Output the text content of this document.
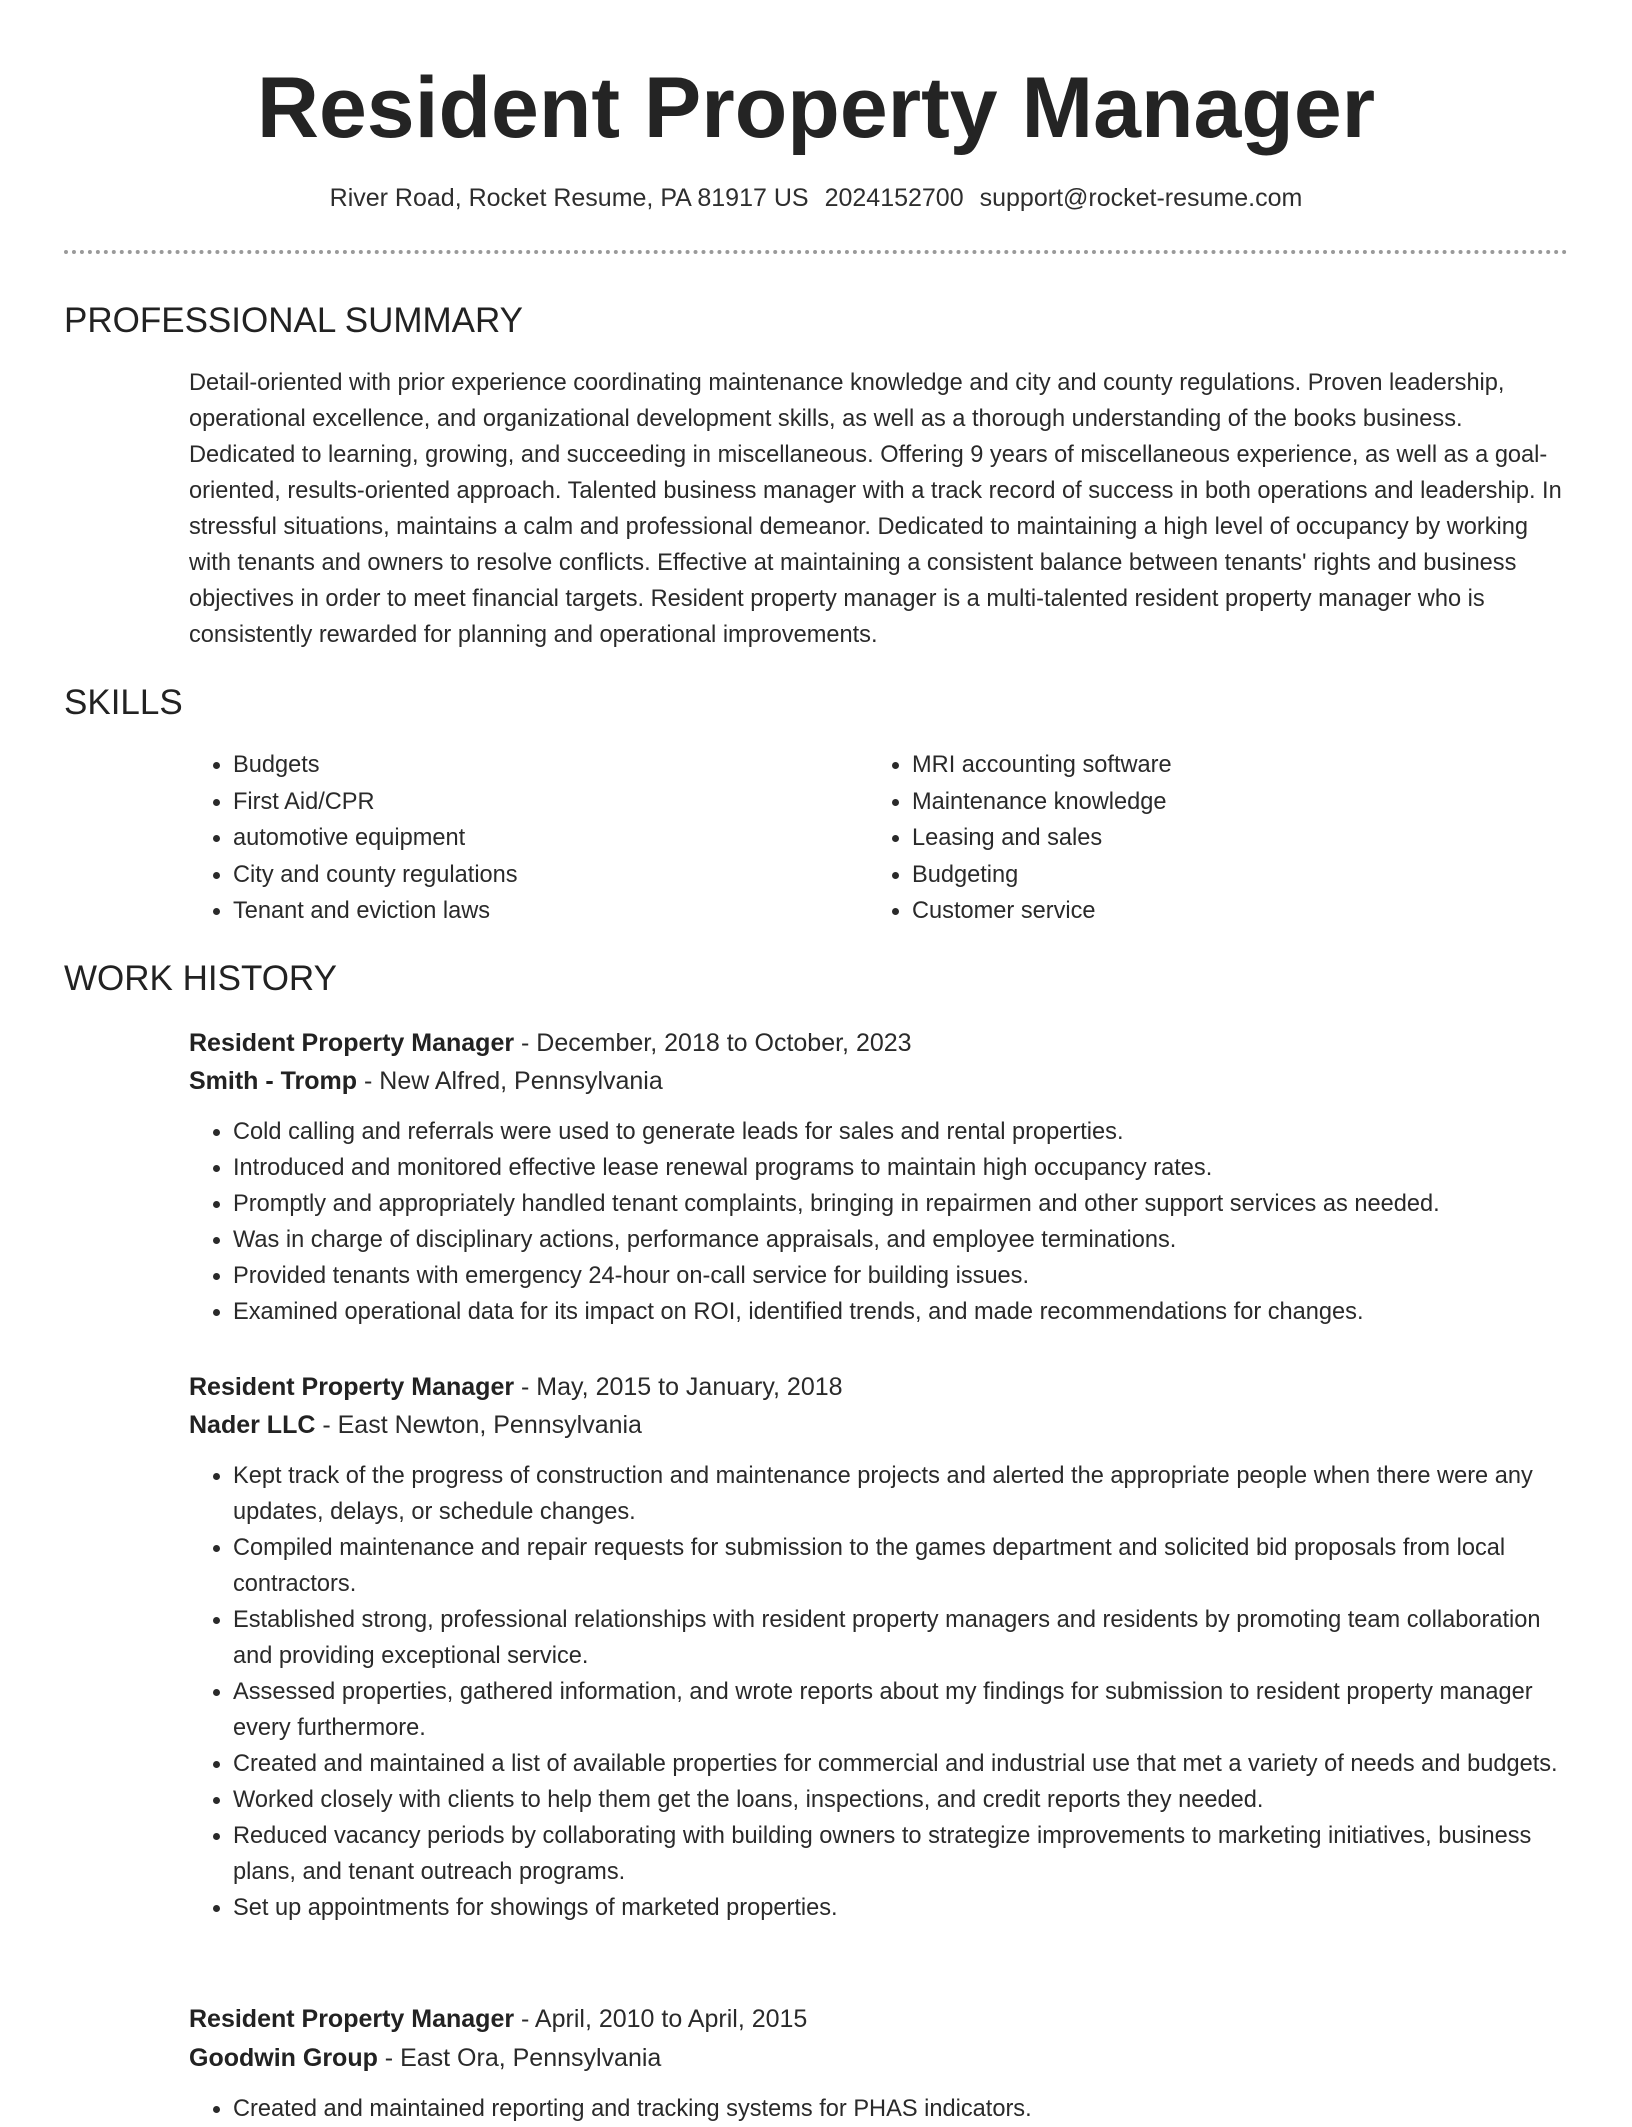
Resident Property Manager
River Road, Rocket Resume, PA 81917 US 2024152700 support@rocket-resume.com
PROFESSIONAL SUMMARY

Detail-oriented with prior experience coordinating maintenance knowledge and city and county regulations. Proven leadership, operational excellence, and organizational development skills, as well as a thorough understanding of the books business. Dedicated to learning, growing, and succeeding in miscellaneous. Offering 9 years of miscellaneous experience, as well as a goal-oriented, results-oriented approach. Talented business manager with a track record of success in both operations and leadership. In stressful situations, maintains a calm and professional demeanor. Dedicated to maintaining a high level of occupancy by working with tenants and owners to resolve conflicts. Effective at maintaining a consistent balance between tenants' rights and business objectives in order to meet financial targets. Resident property manager is a multi-talented resident property manager who is consistently rewarded for planning and operational improvements.

SKILLS
• Budgets
• First Aid/CPR
• automotive equipment
• City and county regulations
• Tenant and eviction laws
• MRI accounting software
• Maintenance knowledge
• Leasing and sales
• Budgeting
• Customer service
WORK HISTORY
Resident Property Manager - December, 2018 to October, 2023
Smith - Tromp - New Alfred, Pennsylvania
• Cold calling and referrals were used to generate leads for sales and rental properties.
• Introduced and monitored effective lease renewal programs to maintain high occupancy rates.
• Promptly and appropriately handled tenant complaints, bringing in repairmen and other support services as needed.
• Was in charge of disciplinary actions, performance appraisals, and employee terminations.
• Provided tenants with emergency 24-hour on-call service for building issues.
• Examined operational data for its impact on ROI, identified trends, and made recommendations for changes.
Resident Property Manager - May, 2015 to January, 2018
Nader LLC - East Newton, Pennsylvania
• Kept track of the progress of construction and maintenance projects and alerted the appropriate people when there were any updates, delays, or schedule changes.
• Compiled maintenance and repair requests for submission to the games department and solicited bid proposals from local contractors.
• Established strong, professional relationships with resident property managers and residents by promoting team collaboration and providing exceptional service.
• Assessed properties, gathered information, and wrote reports about my findings for submission to resident property manager every furthermore.
• Created and maintained a list of available properties for commercial and industrial use that met a variety of needs and budgets.
• Worked closely with clients to help them get the loans, inspections, and credit reports they needed.
• Reduced vacancy periods by collaborating with building owners to strategize improvements to marketing initiatives, business plans, and tenant outreach programs.
• Set up appointments for showings of marketed properties.
Resident Property Manager - April, 2010 to April, 2015
Goodwin Group - East Ora, Pennsylvania
• Created and maintained reporting and tracking systems for PHAS indicators.
